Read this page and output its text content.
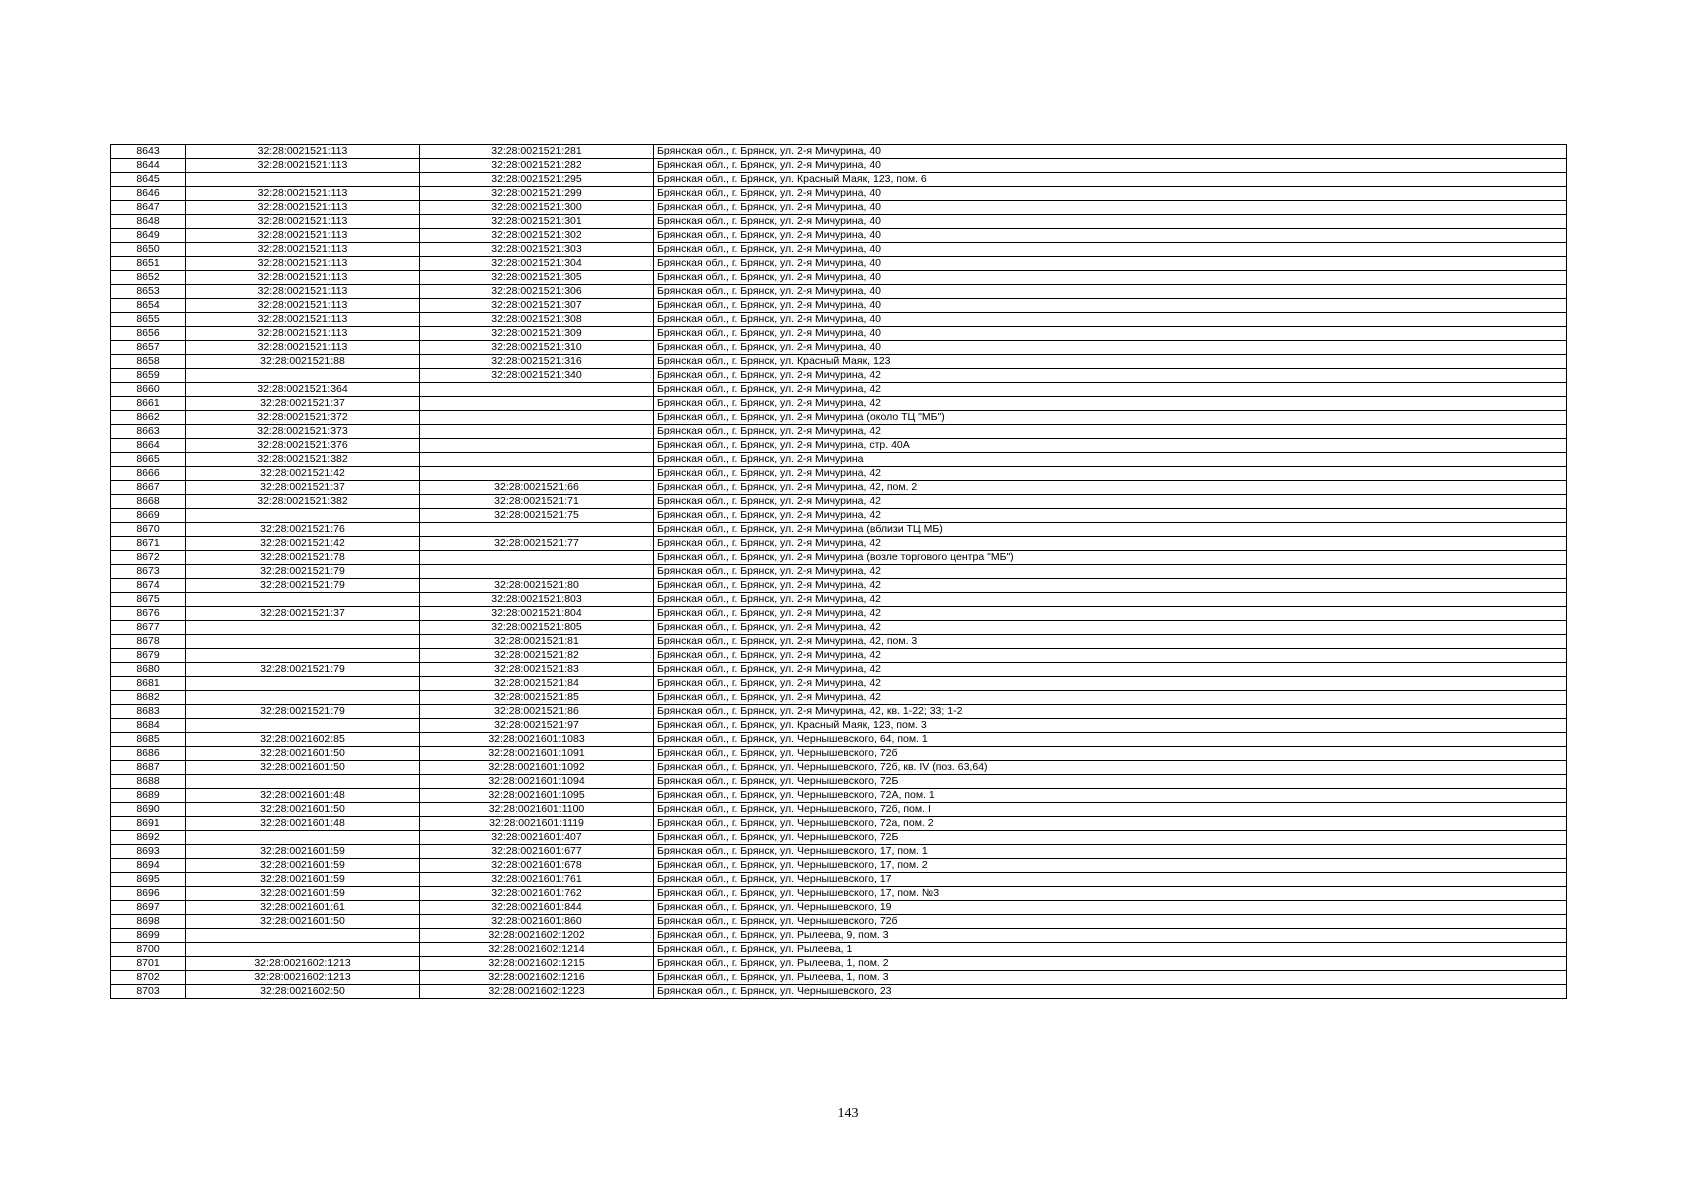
8643	32:28:0021521:113	32:28:0021521:281	Брянская обл., г. Брянск, ул. 2-я Мичурина, 40
8644	32:28:0021521:113	32:28:0021521:282	Брянская обл., г. Брянск, ул. 2-я Мичурина, 40
8645		32:28:0021521:295	Брянская обл., г. Брянск, ул. Красный Маяк, 123, пом. 6
8646	32:28:0021521:113	32:28:0021521:299	Брянская обл., г. Брянск, ул. 2-я Мичурина, 40
8647	32:28:0021521:113	32:28:0021521:300	Брянская обл., г. Брянск, ул. 2-я Мичурина, 40
8648	32:28:0021521:113	32:28:0021521:301	Брянская обл., г. Брянск, ул. 2-я Мичурина, 40
8649	32:28:0021521:113	32:28:0021521:302	Брянская обл., г. Брянск, ул. 2-я Мичурина, 40
8650	32:28:0021521:113	32:28:0021521:303	Брянская обл., г. Брянск, ул. 2-я Мичурина, 40
8651	32:28:0021521:113	32:28:0021521:304	Брянская обл., г. Брянск, ул. 2-я Мичурина, 40
8652	32:28:0021521:113	32:28:0021521:305	Брянская обл., г. Брянск, ул. 2-я Мичурина, 40
8653	32:28:0021521:113	32:28:0021521:306	Брянская обл., г. Брянск, ул. 2-я Мичурина, 40
8654	32:28:0021521:113	32:28:0021521:307	Брянская обл., г. Брянск, ул. 2-я Мичурина, 40
8655	32:28:0021521:113	32:28:0021521:308	Брянская обл., г. Брянск, ул. 2-я Мичурина, 40
8656	32:28:0021521:113	32:28:0021521:309	Брянская обл., г. Брянск, ул. 2-я Мичурина, 40
8657	32:28:0021521:113	32:28:0021521:310	Брянская обл., г. Брянск, ул. 2-я Мичурина, 40
8658	32:28:0021521:88	32:28:0021521:316	Брянская обл., г. Брянск, ул. Красный Маяк, 123
8659		32:28:0021521:340	Брянская обл., г. Брянск, ул. 2-я Мичурина, 42
8660	32:28:0021521:364		Брянская обл., г. Брянск, ул. 2-я Мичурина, 42
8661	32:28:0021521:37		Брянская обл., г. Брянск, ул. 2-я Мичурина, 42
8662	32:28:0021521:372		Брянская обл., г. Брянск, ул. 2-я Мичурина (около ТЦ "МБ")
8663	32:28:0021521:373		Брянская обл., г. Брянск, ул. 2-я Мичурина, 42
8664	32:28:0021521:376		Брянская обл., г. Брянск, ул. 2-я Мичурина, стр. 40А
8665	32:28:0021521:382		Брянская обл., г. Брянск, ул. 2-я Мичурина
8666	32:28:0021521:42		Брянская обл., г. Брянск, ул. 2-я Мичурина, 42
8667	32:28:0021521:37	32:28:0021521:66	Брянская обл., г. Брянск, ул. 2-я Мичурина, 42, пом. 2
8668	32:28:0021521:382	32:28:0021521:71	Брянская обл., г. Брянск, ул. 2-я Мичурина, 42
8669		32:28:0021521:75	Брянская обл., г. Брянск, ул. 2-я Мичурина, 42
8670	32:28:0021521:76		Брянская обл., г. Брянск, ул. 2-я Мичурина (вблизи ТЦ МБ)
8671	32:28:0021521:42	32:28:0021521:77	Брянская обл., г. Брянск, ул. 2-я Мичурина, 42
8672	32:28:0021521:78		Брянская обл., г. Брянск, ул. 2-я Мичурина (возле торгового центра "МБ")
8673	32:28:0021521:79		Брянская обл., г. Брянск, ул. 2-я Мичурина, 42
8674	32:28:0021521:79	32:28:0021521:80	Брянская обл., г. Брянск, ул. 2-я Мичурина, 42
8675		32:28:0021521:803	Брянская обл., г. Брянск, ул. 2-я Мичурина, 42
8676	32:28:0021521:37	32:28:0021521:804	Брянская обл., г. Брянск, ул. 2-я Мичурина, 42
8677		32:28:0021521:805	Брянская обл., г. Брянск, ул. 2-я Мичурина, 42
8678		32:28:0021521:81	Брянская обл., г. Брянск, ул. 2-я Мичурина, 42, пом. 3
8679		32:28:0021521:82	Брянская обл., г. Брянск, ул. 2-я Мичурина, 42
8680	32:28:0021521:79	32:28:0021521:83	Брянская обл., г. Брянск, ул. 2-я Мичурина, 42
8681		32:28:0021521:84	Брянская обл., г. Брянск, ул. 2-я Мичурина, 42
8682		32:28:0021521:85	Брянская обл., г. Брянск, ул. 2-я Мичурина, 42
8683	32:28:0021521:79	32:28:0021521:86	Брянская обл., г. Брянск, ул. 2-я Мичурина, 42, кв. 1-22; 33; 1-2
8684		32:28:0021521:97	Брянская обл., г. Брянск, ул. Красный Маяк, 123, пом. 3
8685	32:28:0021602:85	32:28:0021601:1083	Брянская обл., г. Брянск, ул. Чернышевского, 64, пом. 1
8686	32:28:0021601:50	32:28:0021601:1091	Брянская обл., г. Брянск, ул. Чернышевского, 72б
8687	32:28:0021601:50	32:28:0021601:1092	Брянская обл., г. Брянск, ул. Чернышевского, 72б, кв. IV (поз. 63,64)
8688		32:28:0021601:1094	Брянская обл., г. Брянск, ул. Чернышевского, 72Б
8689	32:28:0021601:48	32:28:0021601:1095	Брянская обл., г. Брянск, ул. Чернышевского, 72А, пом. 1
8690	32:28:0021601:50	32:28:0021601:1100	Брянская обл., г. Брянск, ул. Чернышевского, 72б, пом. I
8691	32:28:0021601:48	32:28:0021601:1119	Брянская обл., г. Брянск, ул. Чернышевского, 72а, пом. 2
8692		32:28:0021601:407	Брянская обл., г. Брянск, ул. Чернышевского, 72Б
8693	32:28:0021601:59	32:28:0021601:677	Брянская обл., г. Брянск, ул. Чернышевского, 17, пом. 1
8694	32:28:0021601:59	32:28:0021601:678	Брянская обл., г. Брянск, ул. Чернышевского, 17, пом. 2
8695	32:28:0021601:59	32:28:0021601:761	Брянская обл., г. Брянск, ул. Чернышевского, 17
8696	32:28:0021601:59	32:28:0021601:762	Брянская обл., г. Брянск, ул. Чернышевского, 17, пом. №3
8697	32:28:0021601:61	32:28:0021601:844	Брянская обл., г. Брянск, ул. Чернышевского, 19
8698	32:28:0021601:50	32:28:0021601:860	Брянская обл., г. Брянск, ул. Чернышевского, 72б
8699		32:28:0021602:1202	Брянская обл., г. Брянск, ул. Рылеева, 9, пом. 3
8700		32:28:0021602:1214	Брянская обл., г. Брянск, ул. Рылеева, 1
8701	32:28:0021602:1213	32:28:0021602:1215	Брянская обл., г. Брянск, ул. Рылеева, 1, пом. 2
8702	32:28:0021602:1213	32:28:0021602:1216	Брянская обл., г. Брянск, ул. Рылеева, 1, пом. 3
8703	32:28:0021602:50	32:28:0021602:1223	Брянская обл., г. Брянск, ул. Чернышевского, 23
143
